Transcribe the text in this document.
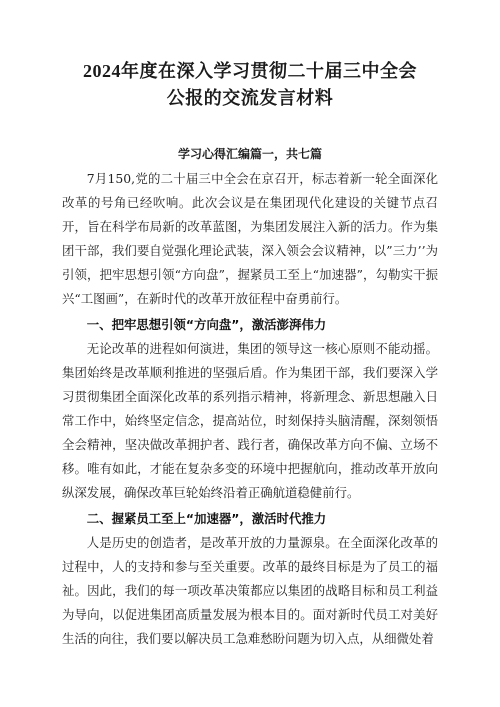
2024年度在深入学习贯彻二十届三中全会
公报的交流发言材料
学习心得汇编篇一，共七篇

7月150,党的二十届三中全会在京召开，标志着新一轮全面深化改革的号角已经吹响。此次会议是在集团现代化建设的关键节点召开，旨在科学布局新的改革蓝图，为集团发展注入新的活力。作为集团干部，我们要自觉强化理论武装，深入领会会议精神，以”三力’’为引领，把牢思想引领“方向盘”，握紧员工至上“加速器”，勾勒实干振兴“工图画”，在新时代的改革开放征程中奋勇前行。

一、把牢思想引领“方向盘”，激活澎湃伟力

无论改革的进程如何演进，集团的领导这一核心原则不能动摇。集团始终是改革顺利推进的坚强后盾。作为集团干部，我们要深入学习贯彻集团全面深化改革的系列指示精神，将新理念、新思想融入日常工作中，始终坚定信念，提高站位，时刻保持头脑清醒，深刻领悟全会精神，坚决做改革拥护者、践行者，确保改革方向不偏、立场不移。唯有如此，才能在复杂多变的环境中把握航向，推动改革开放向纵深发展，确保改革巨轮始终沿着正确航道稳健前行。

二、握紧员工至上“加速器”，激活时代推力

人是历史的创造者，是改革开放的力量源泉。在全面深化改革的过程中，人的支持和参与至关重要。改革的最终目标是为了员工的福祉。因此，我们的每一项改革决策都应以集团的战略目标和员工利益为导向，以促进集团高质量发展为根本目的。面对新时代员工对美好生活的向往，我们要以解决员工急难愁盼问题为切入点，从细微处着
